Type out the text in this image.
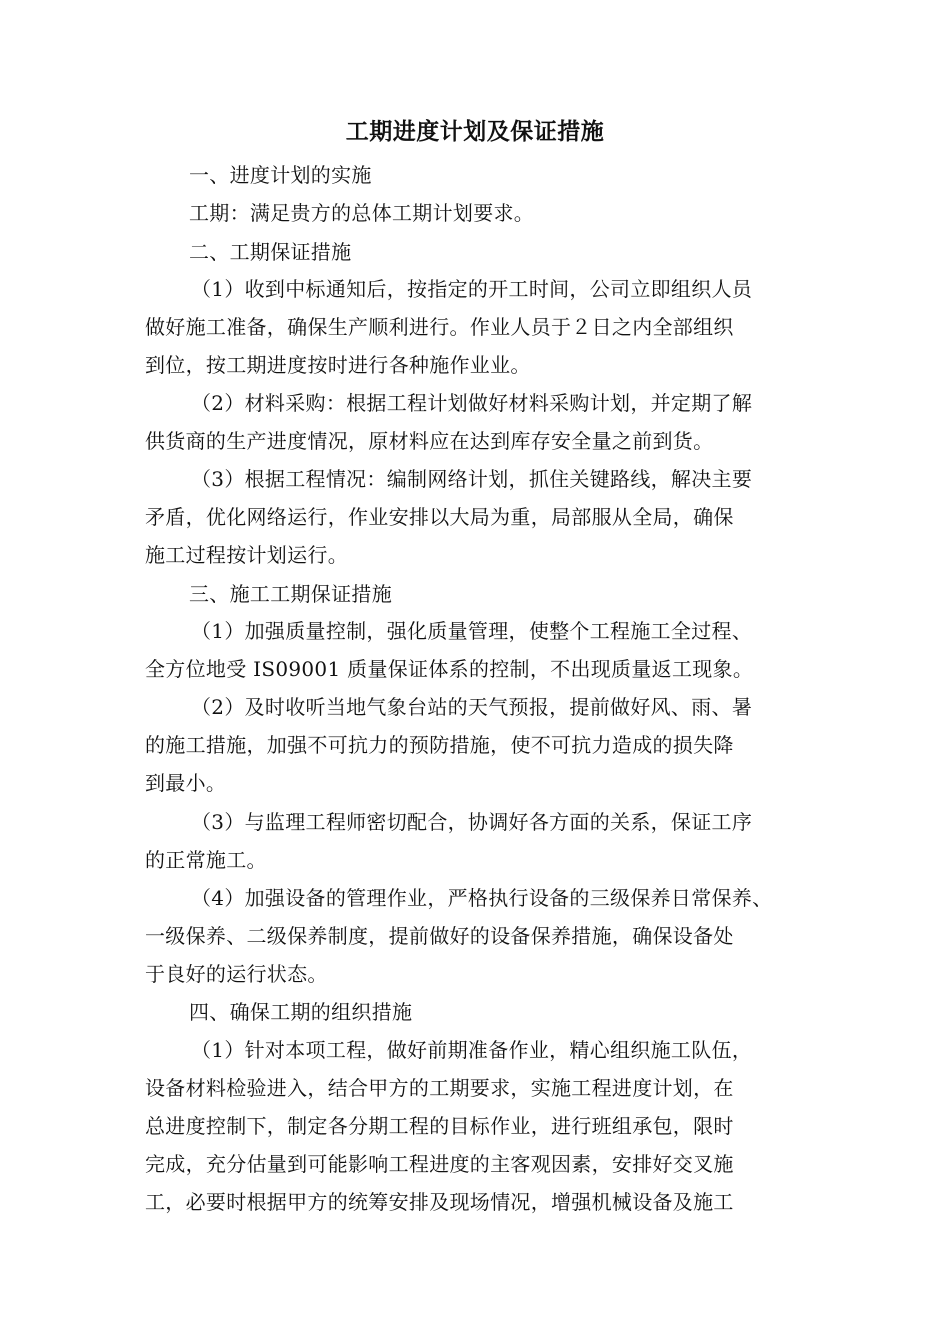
工期进度计划及保证措施
一、进度计划的实施
工期：满足贵方的总体工期计划要求。
二、工期保证措施
（1）收到中标通知后，按指定的开工时间，公司立即组织人员
做好施工准备，确保生产顺利进行。作业人员于２日之内全部组织
到位，按工期进度按时进行各种施作业业。
（2）材料采购：根据工程计划做好材料采购计划，并定期了解
供货商的生产进度情况，原材料应在达到库存安全量之前到货。
（3）根据工程情况：编制网络计划，抓住关键路线，解决主要
矛盾，优化网络运行，作业安排以大局为重，局部服从全局，确保
施工过程按计划运行。
三、施工工期保证措施
（1）加强质量控制，强化质量管理，使整个工程施工全过程、
全方位地受 IS09001 质量保证体系的控制，不出现质量返工现象。
（2）及时收听当地气象台站的天气预报，提前做好风、雨、暑
的施工措施，加强不可抗力的预防措施，使不可抗力造成的损失降
到最小。
（3）与监理工程师密切配合，协调好各方面的关系，保证工序
的正常施工。
（4）加强设备的管理作业，严格执行设备的三级保养日常保养、
一级保养、二级保养制度，提前做好的设备保养措施，确保设备处
于良好的运行状态。
四、确保工期的组织措施
（1）针对本项工程，做好前期准备作业，精心组织施工队伍，
设备材料检验进入，结合甲方的工期要求，实施工程进度计划，在
总进度控制下，制定各分期工程的目标作业，进行班组承包，限时
完成，充分估量到可能影响工程进度的主客观因素，安排好交叉施
工，必要时根据甲方的统筹安排及现场情况，增强机械设备及施工
